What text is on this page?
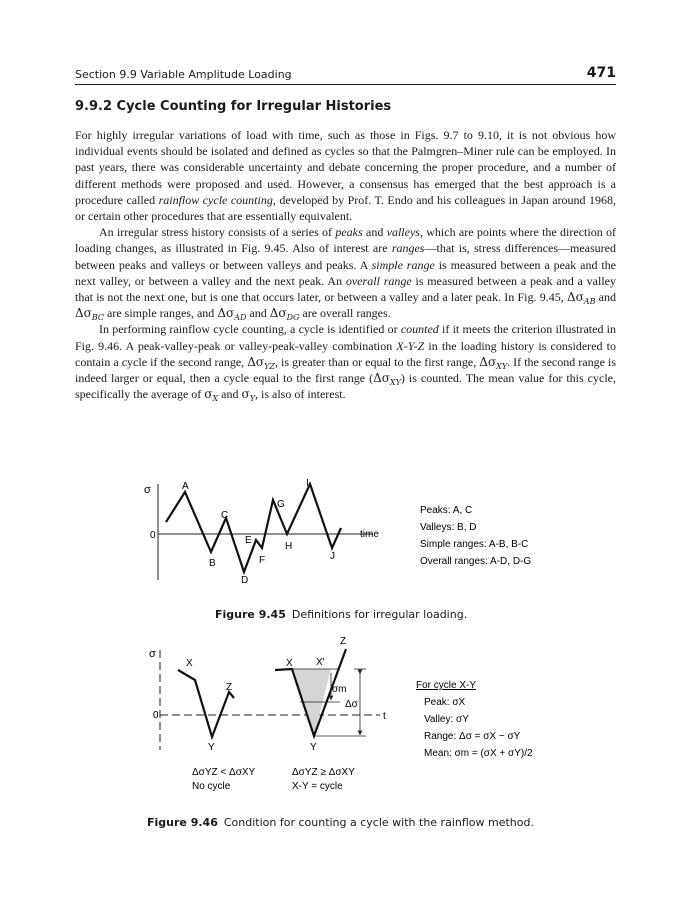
Section 9.9 Variable Amplitude Loading	471
9.9.2 Cycle Counting for Irregular Histories

For highly irregular variations of load with time, such as those in Figs. 9.7 to 9.10, it is not obvious how individual events should be isolated and defined as cycles so that the Palmgren–Miner rule can be employed. In past years, there was considerable uncertainty and debate concerning the proper procedure, and a number of different methods were proposed and used. However, a consensus has emerged that the best approach is a procedure called rainflow cycle counting, developed by Prof. T. Endo and his colleagues in Japan around 1968, or certain other procedures that are essentially equivalent.

An irregular stress history consists of a series of peaks and valleys, which are points where the direction of loading changes, as illustrated in Fig. 9.45. Also of interest are ranges—that is, stress differences—measured between peaks and valleys or between valleys and peaks. A simple range is measured between a peak and the next valley, or between a valley and the next peak. An overall range is measured between a peak and a valley that is not the next one, but is one that occurs later, or between a valley and a later peak. In Fig. 9.45, $\Delta\sigma_{AB}$ and $\Delta\sigma_{BC}$ are simple ranges, and $\Delta\sigma_{AD}$ and $\Delta\sigma_{DG}$ are overall ranges.

In performing rainflow cycle counting, a cycle is identified or counted if it meets the criterion illustrated in Fig. 9.46. A peak-valley-peak or valley-peak-valley combination X-Y-Z in the loading history is considered to contain a cycle if the second range, $\Delta\sigma_{YZ}$, is greater than or equal to the first range, $\Delta\sigma_{XY}$. If the second range is indeed larger or equal, then a cycle equal to the first range $(\Delta\sigma_{XY})$ is counted. The mean value for this cycle, specifically the average of $\sigma_X$ and $\sigma_Y$, is also of interest.

σ
0	time
A
B
C
D
E
F
G
H
I
J
Peaks: A, C
Valleys: B, D
Simple ranges: A-B, B-C
Overall ranges: A-D, D-G
Figure 9.45 Definitions for irregular loading.
σ
0	t
X
Y
Z
X X'
Z
Y
σm
Δσ
ΔσYZ < ΔσXY
No cycle
ΔσYZ ≥ ΔσXY
X-Y = cycle
For cycle X-Y
Peak: σX
Valley: σY
Range: Δσ = σX − σY
Mean: σm = (σX + σY)/2
Figure 9.46 Condition for counting a cycle with the rainflow method.
